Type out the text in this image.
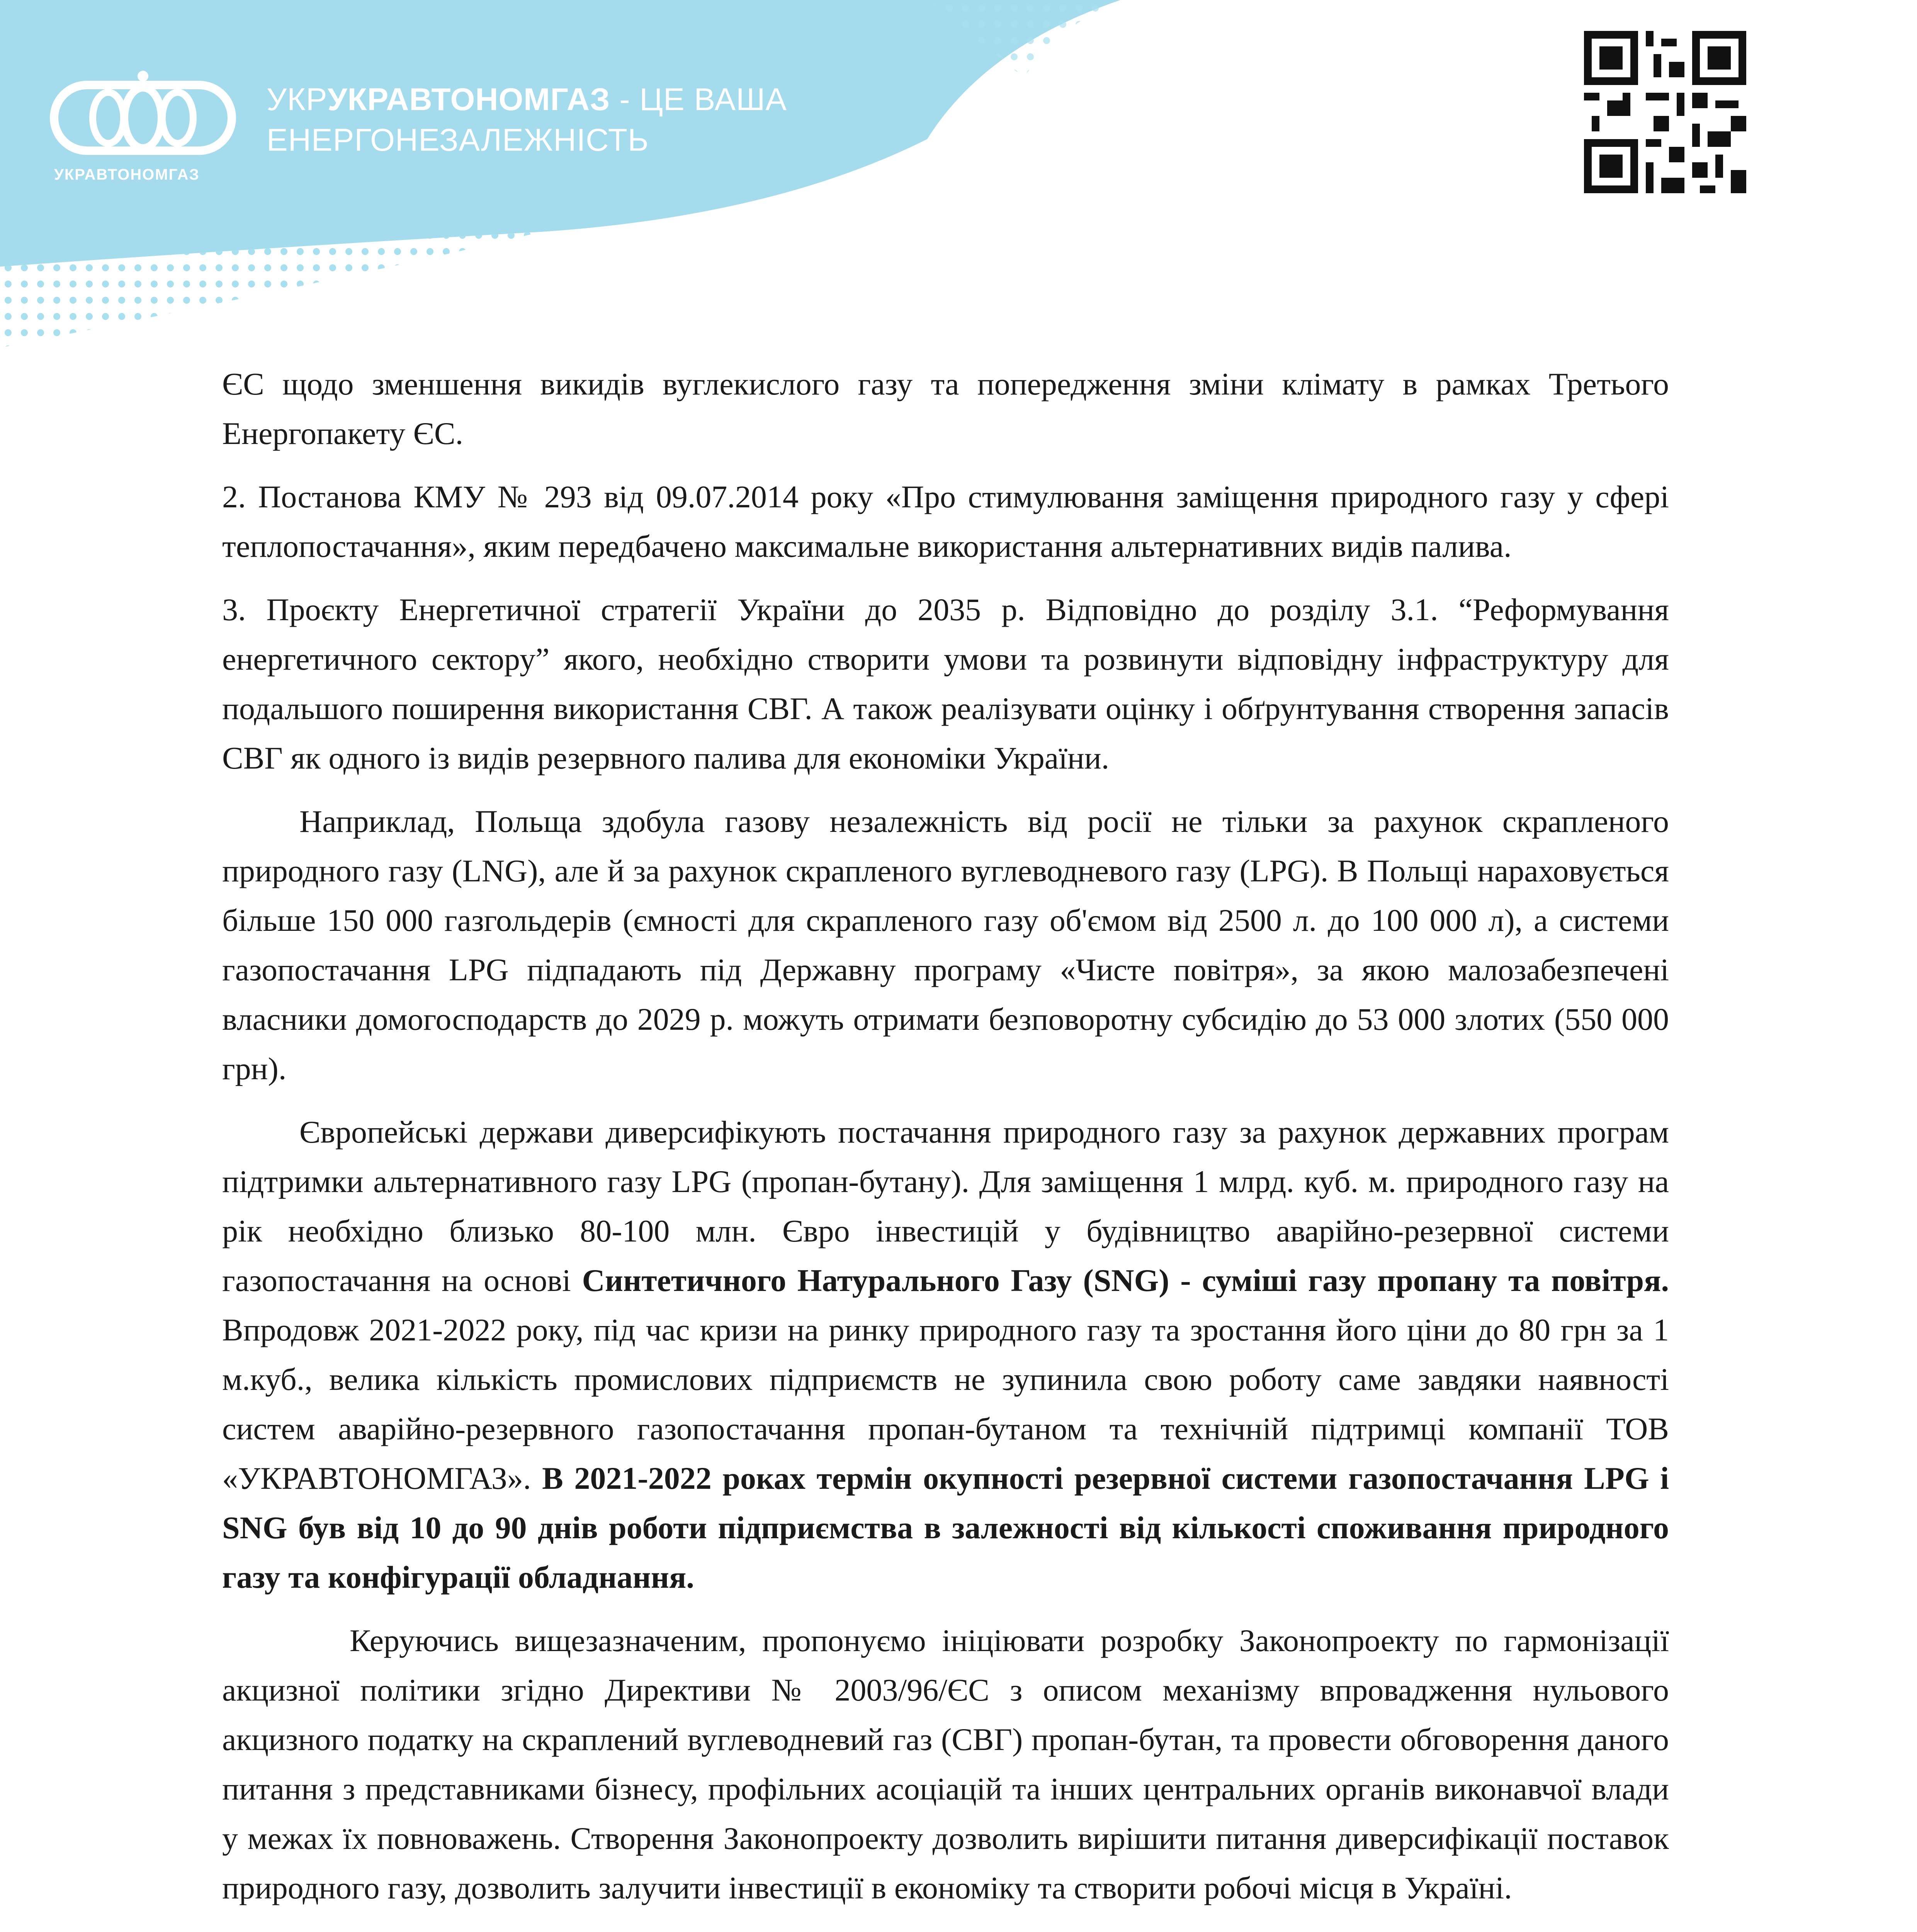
УКРАВТОНОМГАЗ
УКРУКРАВТОНОМГАЗ - ЦЕ ВАША
ЕНЕРГОНЕЗАЛЕЖНІСТЬ

ЄС щодо зменшення викидів вуглекислого газу та попередження зміни клімату в рамках Третього Енергопакету ЄС.

2. Постанова КМУ № 293 від 09.07.2014 року «Про стимулювання заміщення природного газу у сфері теплопостачання», яким передбачено максимальне використання альтернативних видів палива.

3. Проєкту Енергетичної стратегії України до 2035 р. Відповідно до розділу 3.1. “Реформування енергетичного сектору” якого, необхідно створити умови та розвинути відповідну інфраструктуру для подальшого поширення використання СВГ. А також реалізувати оцінку і обґрунтування створення запасів СВГ як одного із видів резервного палива для економіки України.

Наприклад, Польща здобула газову незалежність від росії не тільки за рахунок скрапленого природного газу (LNG), але й за рахунок скрапленого вуглеводневого газу (LPG). В Польщі нараховується більше 150 000 газгольдерів (ємності для скрапленого газу об'ємом від 2500 л. до 100 000 л), а системи газопостачання LPG підпадають під Державну програму «Чисте повітря», за якою малозабезпечені власники домогосподарств до 2029 р. можуть отримати безповоротну субсидію до 53 000 злотих (550 000 грн).

Європейські держави диверсифікують постачання природного газу за рахунок державних програм підтримки альтернативного газу LPG (пропан-бутану). Для заміщення 1 млрд. куб. м. природного газу на рік необхідно близько 80-100 млн. Євро інвестицій у будівництво аварійно-резервної системи газопостачання на основі Синтетичного Натурального Газу (SNG) - суміші газу пропану та повітря. Впродовж 2021-2022 року, під час кризи на ринку природного газу та зростання його ціни до 80 грн за 1 м.куб., велика кількість промислових підприємств не зупинила свою роботу саме завдяки наявності систем аварійно-резервного газопостачання пропан-бутаном та технічній підтримці компанії ТОВ «УКРАВТОНОМГАЗ». В 2021-2022 роках термін окупності резервної системи газопостачання LPG і SNG був від 10 до 90 днів роботи підприємства в залежності від кількості споживання природного газу та конфігурації обладнання.

Керуючись вищезазначеним, пропонуємо ініціювати розробку Законопроекту по гармонізації акцизної політики згідно Директиви № 2003/96/ЄС з описом механізму впровадження нульового акцизного податку на скраплений вуглеводневий газ (СВГ) пропан-бутан, та провести обговорення даного питання з представниками бізнесу, профільних асоціацій та інших центральних органів виконавчої влади у межах їх повноважень. Створення Законопроекту дозволить вирішити питання диверсифікації поставок природного газу, дозволить залучити інвестиції в економіку та створити робочі місця в Україні.
